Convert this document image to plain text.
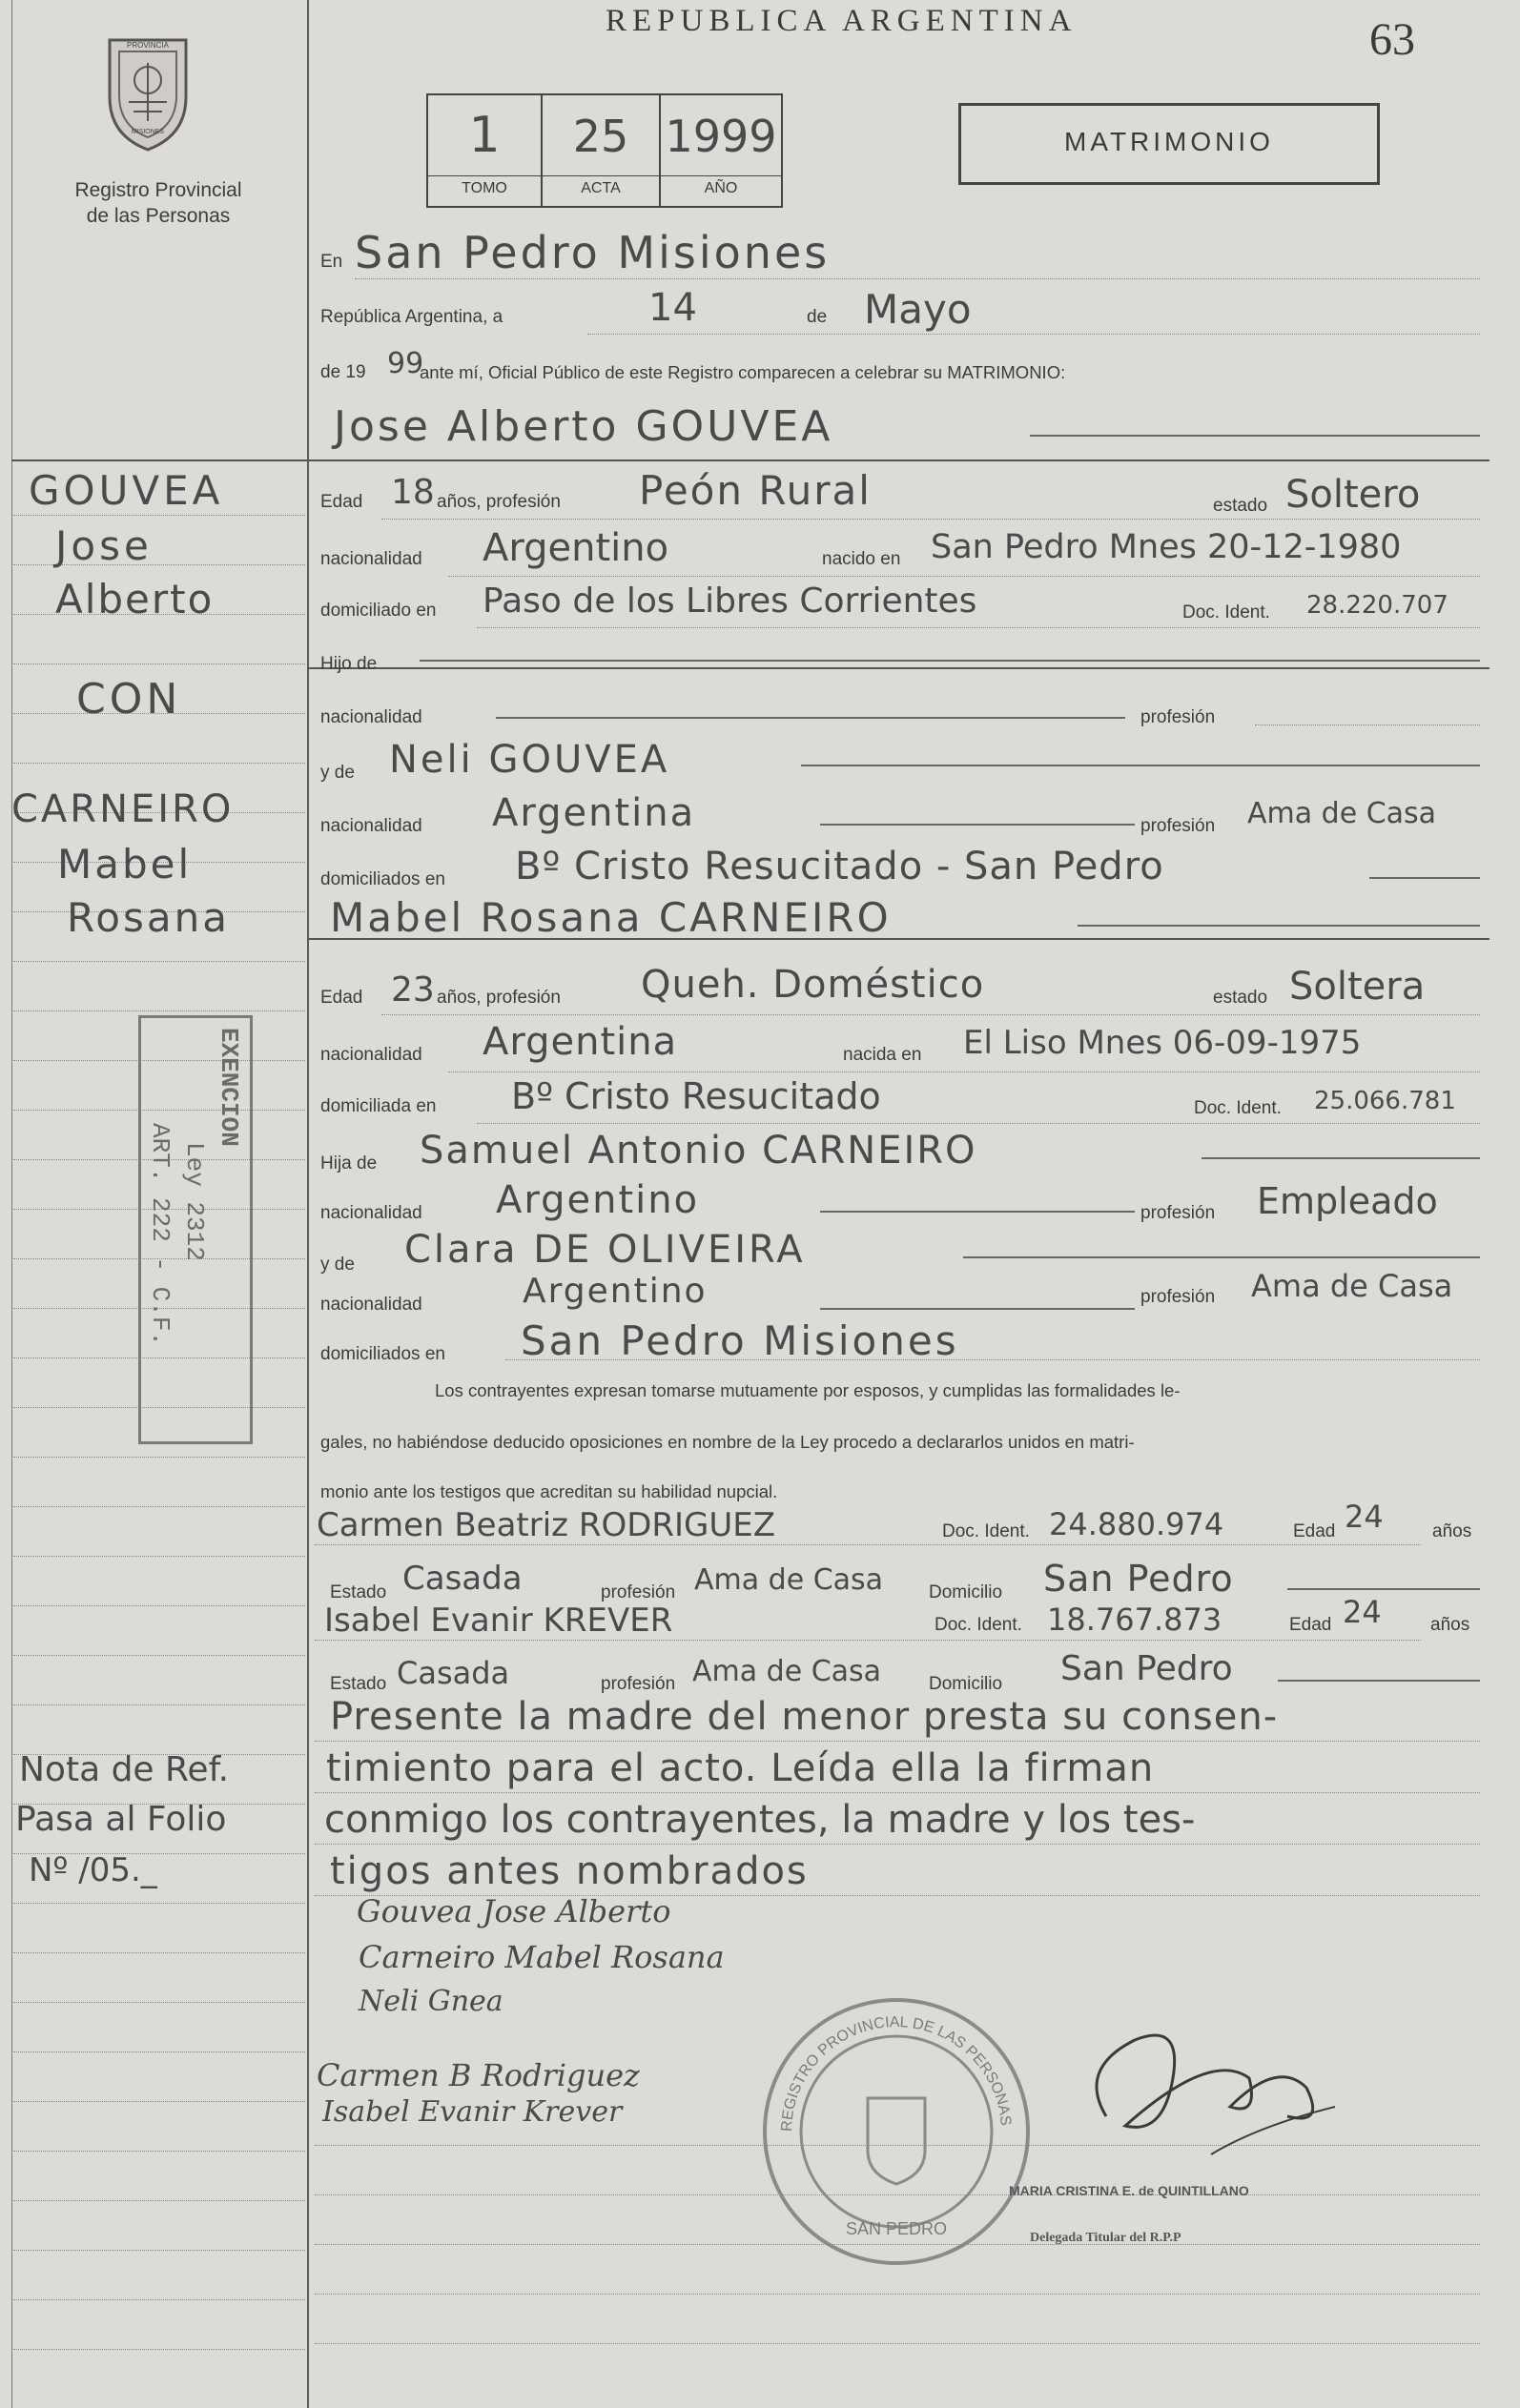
PROVINCIA
MISIONES
Registro Provincial
de las Personas
REPUBLICA ARGENTINA	63
1
TOMO
25
ACTA
1999
AÑO
MATRIMONIO
En San Pedro Misiones
República Argentina, a	14	de Mayo
de 19 99
ante mí, Oficial Público de este Registro comparecen a celebrar su MATRIMONIO:
Jose Alberto GOUVEA
Edad 18 años, profesión Peón Rural	estado Soltero
nacionalidad Argentino	nacido en San Pedro Mnes 20-12-1980
domiciliado en Paso de los Libres Corrientes	Doc. Ident. 28.220.707
Hijo de
nacionalidad	profesión
y de Neli GOUVEA
nacionalidad Argentina	profesión Ama de Casa
domiciliados en Bº Cristo Resucitado - San Pedro
Mabel Rosana CARNEIRO
Edad 23 años, profesión Queh. Doméstico	estado Soltera
nacionalidad Argentina	nacida en El Liso Mnes 06-09-1975
domiciliada en Bº Cristo Resucitado	Doc. Ident. 25.066.781
Hija de Samuel Antonio CARNEIRO
nacionalidad Argentino	profesión Empleado
y de Clara DE OLIVEIRA
nacionalidad	Argentino	profesión Ama de Casa
domiciliados en San Pedro Misiones
Los contrayentes expresan tomarse mutuamente por esposos, y cumplidas las formalidades le-
gales, no habiéndose deducido oposiciones en nombre de la Ley procedo a declararlos unidos en matri-
monio ante los testigos que acreditan su habilidad nupcial.
Carmen Beatriz RODRIGUEZ	Doc. Ident. 24.880.974	Edad 24	años
Estado Casada	profesión Ama de Casa	Domicilio San Pedro
Isabel Evanir KREVER	Doc. Ident. 18.767.873	Edad 24	años
Estado Casada	profesión Ama de Casa	Domicilio San Pedro
Presente la madre del menor presta su consen-
timiento para el acto. Leída ella la firman
conmigo los contrayentes, la madre y los tes-
tigos antes nombrados
Gouvea Jose Alberto
Carneiro Mabel Rosana
Neli Gnea
Carmen B Rodriguez
Isabel Evanir Krever	REGISTRO PROVINCIAL DE LAS PERSONAS
SAN PEDRO
MARIA CRISTINA E. de QUINTILLANO
Delegada Titular del R.P.P
GOUVEA
Jose
Alberto
CON
CARNEIRO
Mabel
Rosana
EXENCION
Ley 2312
ART. 222 - C.F.
Nota de Ref.
Pasa al Folio
Nº /05._
